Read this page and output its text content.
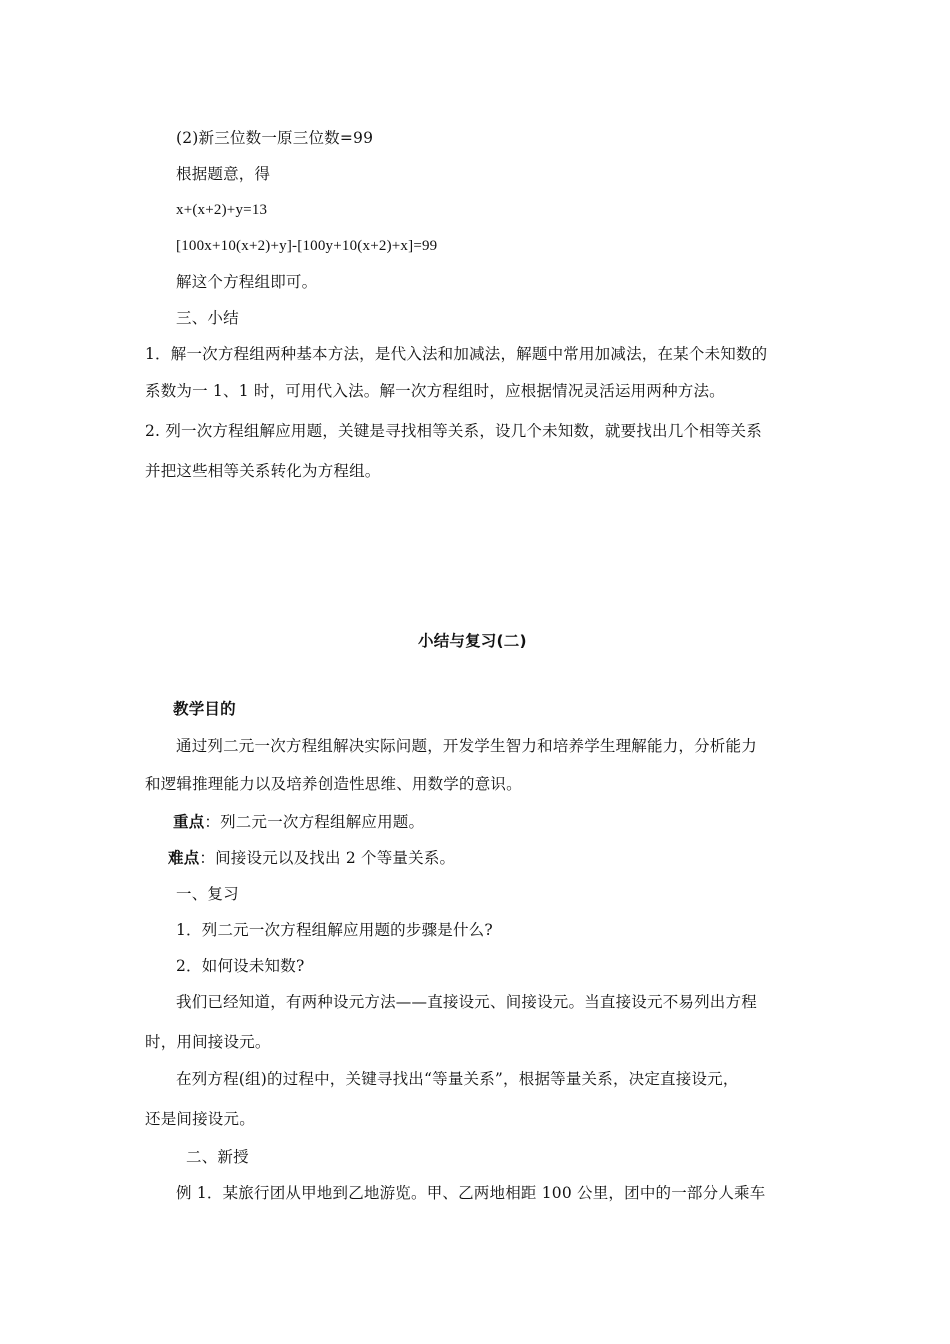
(2)新三位数一原三位数=99
根据题意，得
x+(x+2)+y=13
[100x+10(x+2)+y]-[100y+10(x+2)+x]=99
解这个方程组即可。
三、小结
1．解一次方程组两种基本方法，是代入法和加减法，解题中常用加减法，在某个未知数的
系数为一 1、1 时，可用代入法。解一次方程组时，应根据情况灵活运用两种方法。
2. 列一次方程组解应用题，关键是寻找相等关系，设几个未知数，就要找出几个相等关系
并把这些相等关系转化为方程组。
小结与复习(二)
教学目的
通过列二元一次方程组解决实际问题，开发学生智力和培养学生理解能力，分析能力
和逻辑推理能力以及培养创造性思维、用数学的意识。
重点：列二元一次方程组解应用题。
难点：间接设元以及找出 2 个等量关系。
一、复习
1．列二元一次方程组解应用题的步骤是什么?
2．如何设未知数?
我们已经知道，有两种设元方法——直接设元、间接设元。当直接设元不易列出方程
时，用间接设元。
在列方程(组)的过程中，关键寻找出“等量关系”，根据等量关系，决定直接设元，
还是间接设元。
二、新授
例 1．某旅行团从甲地到乙地游览。甲、乙两地相距 100 公里，团中的一部分人乘车
